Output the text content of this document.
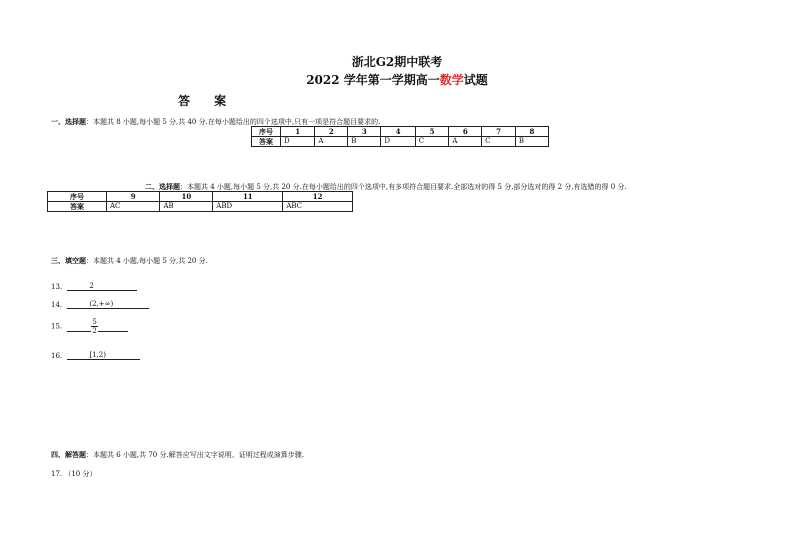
浙北G2期中联考
2022 学年第一学期高一数学试题
答 案
一、选择题：本题共 8 小题,每小题 5 分,共 40 分.在每小题给出的四个选项中,只有一项是符合题目要求的.
序号	1	2	3	4	5	6	7	8
答案	D	A	B	D	C	A	C	B
二、选择题：本题共 4 小题,每小题 5 分,共 20 分.在每小题给出的四个选项中,有多项符合题目要求.全部选对的得 5 分,部分选对的得 2 分,有选错的得 0 分.
序号	9	10	11	12
答案	AC	AB	ABD	ABC
三、填空题：本题共 4 小题,每小题 5 分,共 20 分.
13.	2
14.	(2,+∞)
15.	$\frac{5}{2}$
16.	[1,2)
四、解答题：本题共 6 小题,共 70 分.解答应写出文字说明、证明过程或演算步骤.
17. （10 分）
